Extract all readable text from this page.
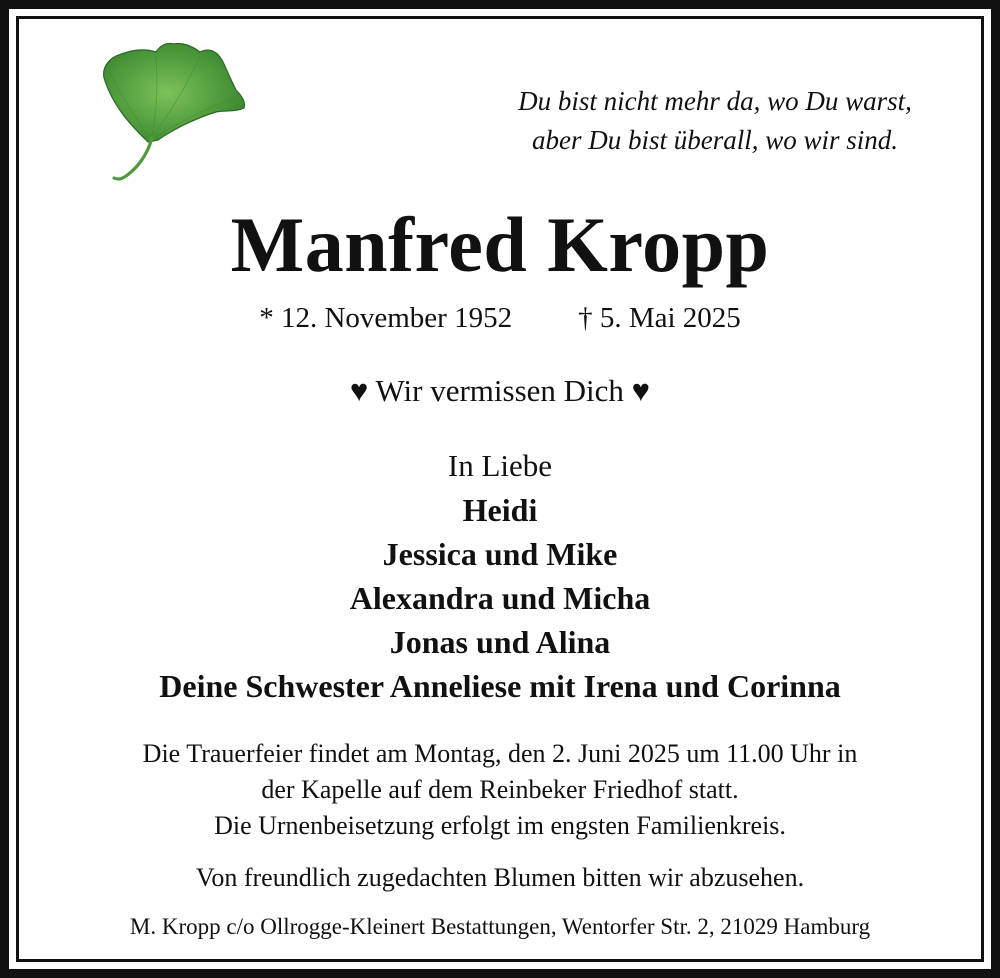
Du bist nicht mehr da, wo Du warst,
aber Du bist überall, wo wir sind.
Manfred Kropp
* 12. November 1952 † 5. Mai 2025
♥ Wir vermissen Dich ♥
In Liebe
Heidi
Jessica und Mike
Alexandra und Micha
Jonas und Alina
Deine Schwester Anneliese mit Irena und Corinna
Die Trauerfeier findet am Montag, den 2. Juni 2025 um 11.00 Uhr in
der Kapelle auf dem Reinbeker Friedhof statt.
Die Urnenbeisetzung erfolgt im engsten Familienkreis.
Von freundlich zugedachten Blumen bitten wir abzusehen.
M. Kropp c/o Ollrogge-Kleinert Bestattungen, Wentorfer Str. 2, 21029 Hamburg
